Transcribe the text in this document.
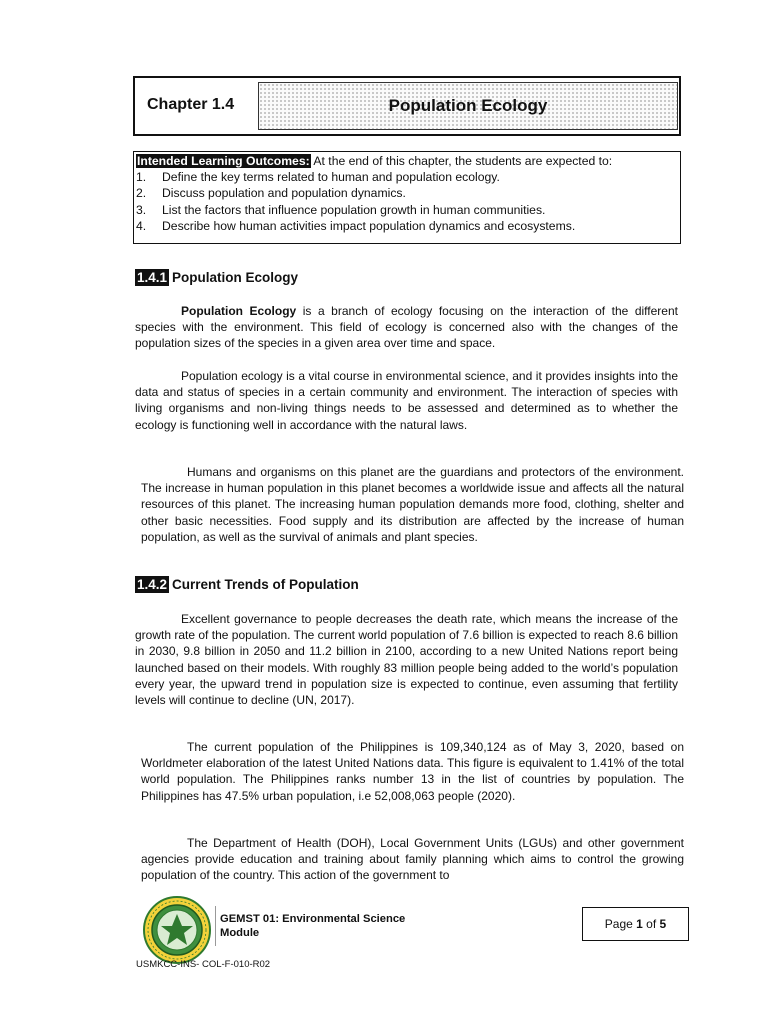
Chapter 1.4	Population Ecology
Intended Learning Outcomes: At the end of this chapter, the students are expected to:
1. Define the key terms related to human and population ecology.
2. Discuss population and population dynamics.
3. List the factors that influence population growth in human communities.
4. Describe how human activities impact population dynamics and ecosystems.
1.4.1 Population Ecology

Population Ecology is a branch of ecology focusing on the interaction of the different species with the environment. This field of ecology is concerned also with the changes of the population sizes of the species in a given area over time and space.

Population ecology is a vital course in environmental science, and it provides insights into the data and status of species in a certain community and environment. The interaction of species with living organisms and non-living things needs to be assessed and determined as to whether the ecology is functioning well in accordance with the natural laws.

Humans and organisms on this planet are the guardians and protectors of the environment. The increase in human population in this planet becomes a worldwide issue and affects all the natural resources of this planet. The increasing human population demands more food, clothing, shelter and other basic necessities. Food supply and its distribution are affected by the increase of human population, as well as the survival of animals and plant species.

1.4.2 Current Trends of Population

Excellent governance to people decreases the death rate, which means the increase of the growth rate of the population. The current world population of 7.6 billion is expected to reach 8.6 billion in 2030, 9.8 billion in 2050 and 11.2 billion in 2100, according to a new United Nations report being launched based on their models. With roughly 83 million people being added to the world’s population every year, the upward trend in population size is expected to continue, even assuming that fertility levels will continue to decline (UN, 2017).

The current population of the Philippines is 109,340,124 as of May 3, 2020, based on Worldmeter elaboration of the latest United Nations data. This figure is equivalent to 1.41% of the total world population. The Philippines ranks number 13 in the list of countries by population. The Philippines has 47.5% urban population, i.e 52,008,063 people (2020).

The Department of Health (DOH), Local Government Units (LGUs) and other government agencies provide education and training about family planning which aims to control the growing population of the country. This action of the government to

GEMST 01: Environmental Science
Module
Page
1
of
5
USMKCC-INS- COL-F-010-R02
